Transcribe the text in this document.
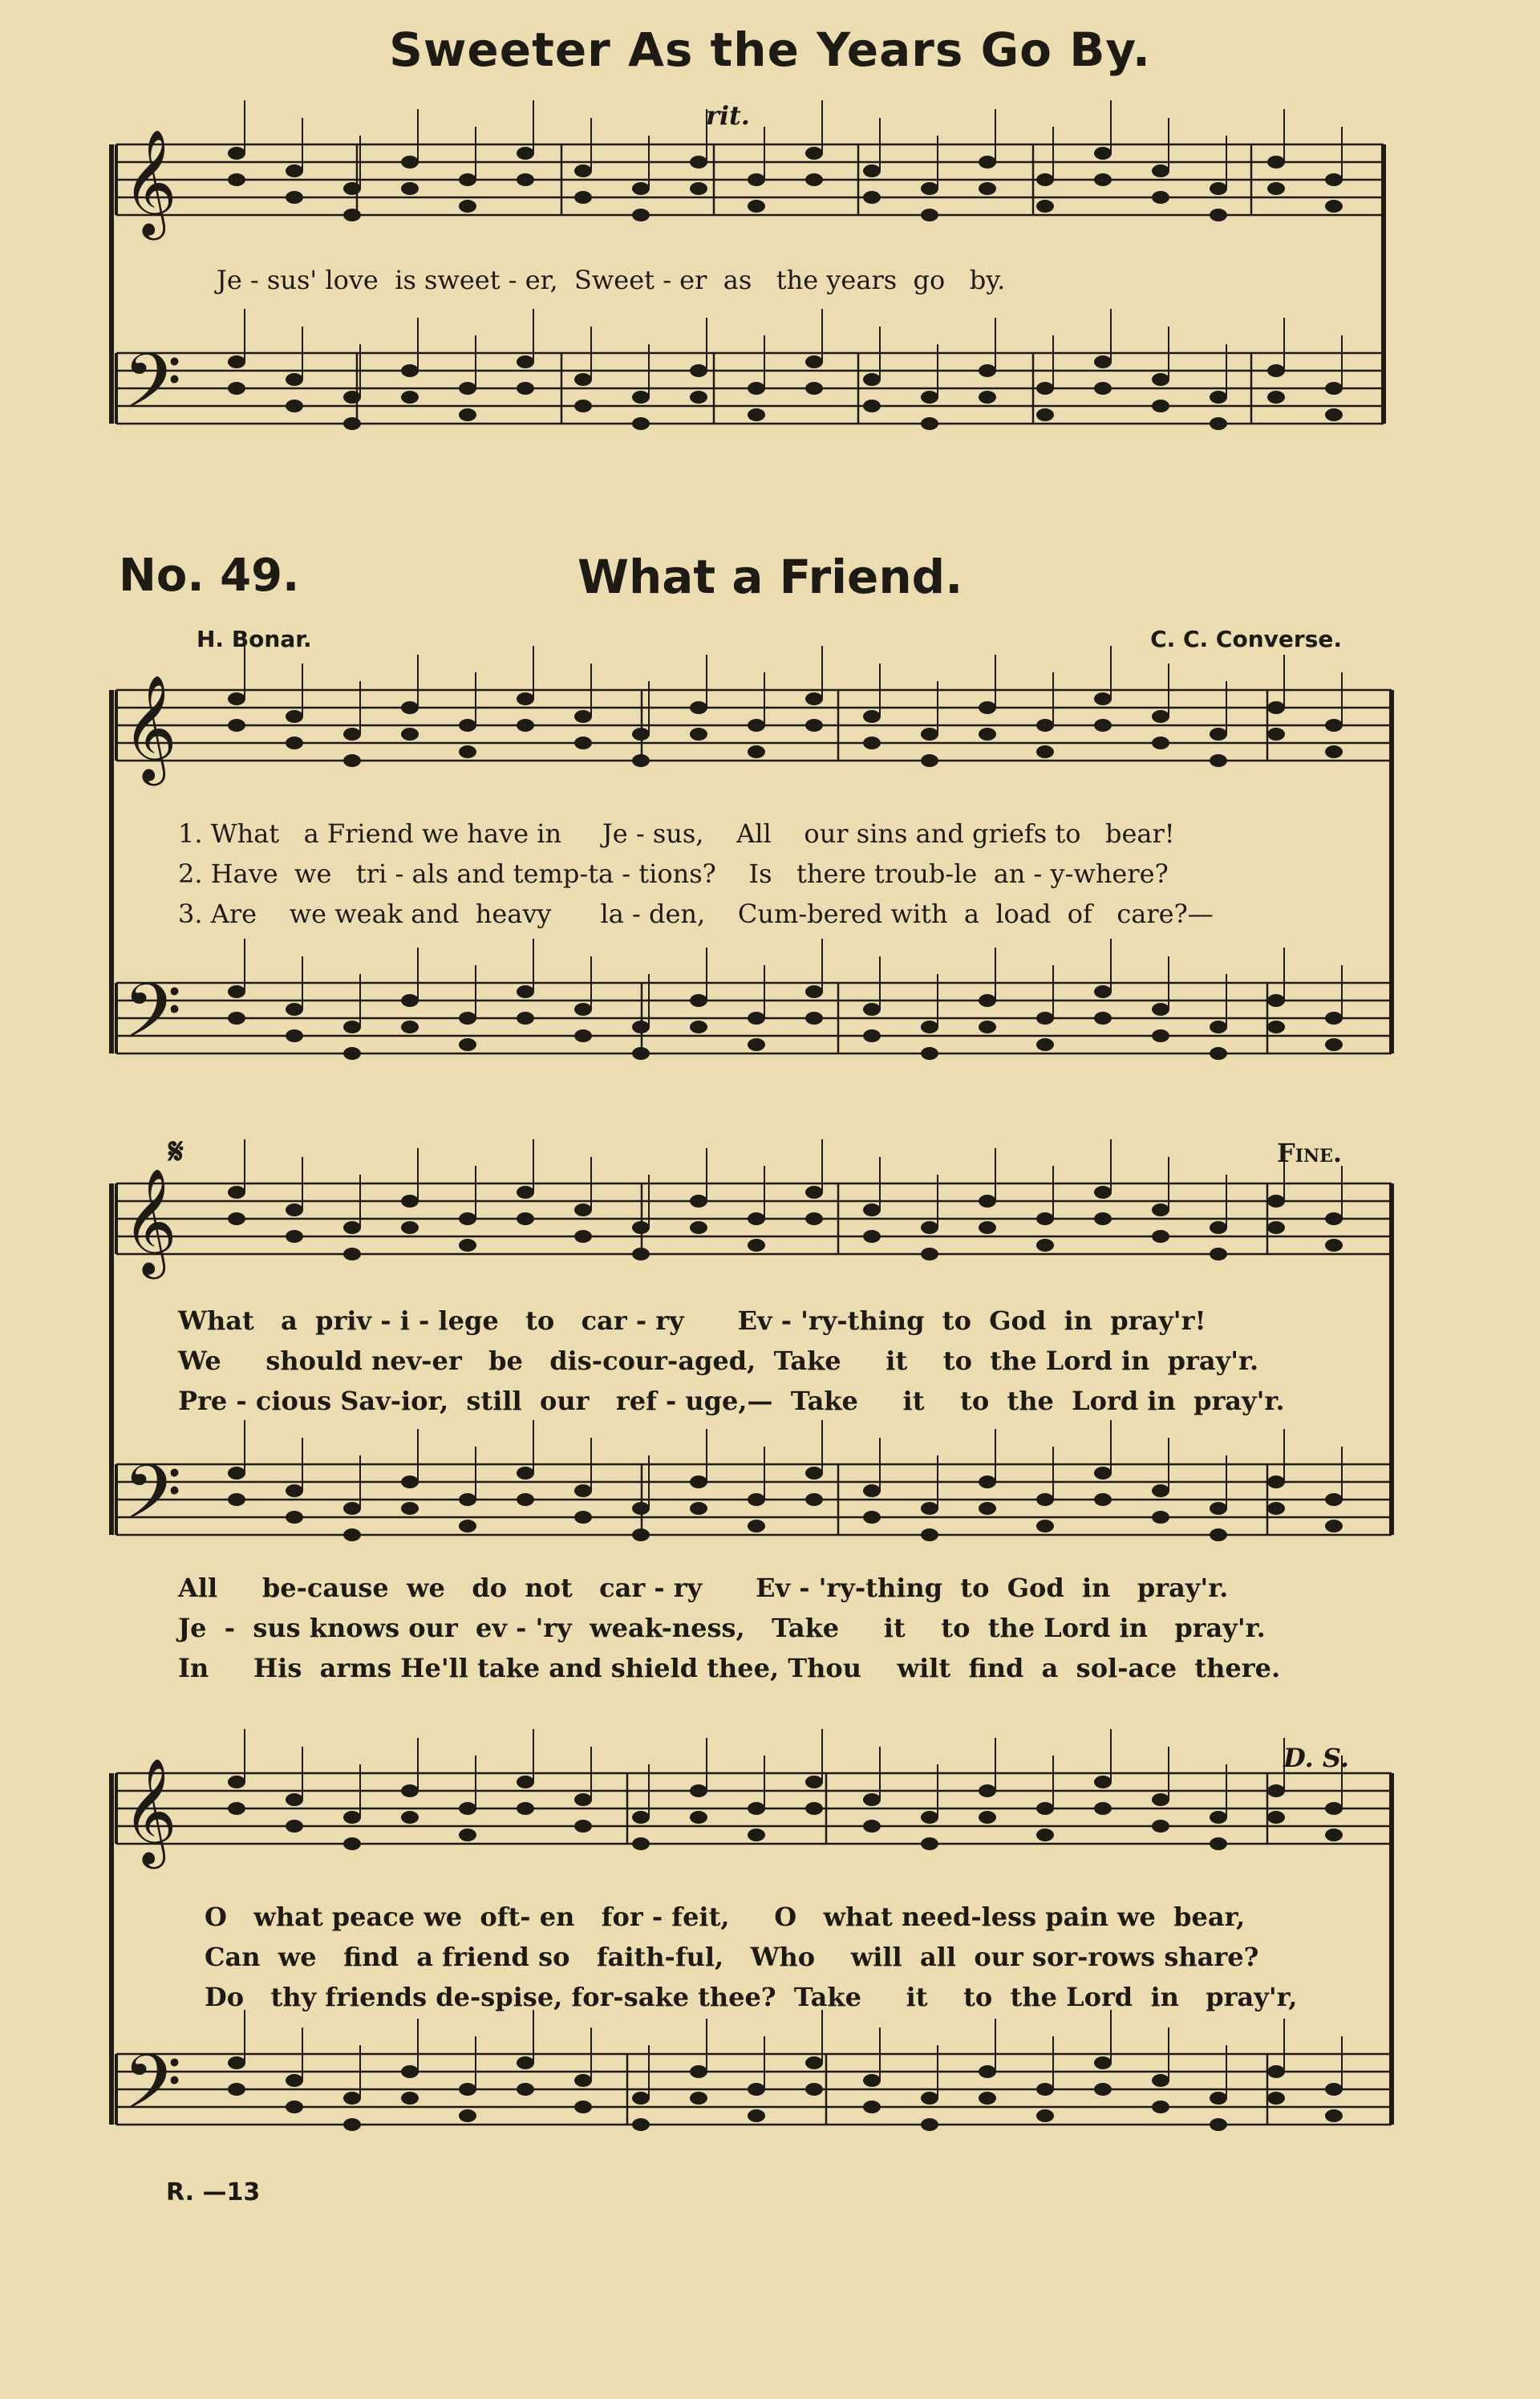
𝄞
𝄢
𝄞
𝄢
𝄞
𝄢
𝄞
𝄢
Sweeter As the Years Go By.
rit.
Je - sus' love  is sweet - er,  Sweet - er  as   the years  go   by.
No. 49.	What a Friend.
H. Bonar.	C. C. Converse.
1. What   a Friend we have in     Je - sus,    All    our sins and griefs to   bear!
2. Have  we   tri - als and temp-ta - tions?    Is   there troub-le  an - y-where?
3. Are    we weak and  heavy      la - den,    Cum-bered with  a  load  of   care?—
𝄋	Fine.
What   a  priv - i - lege   to   car - ry      Ev - 'ry-thing  to  God  in  pray'r!
We     should nev-er   be   dis-cour-aged,  Take     it    to  the Lord in  pray'r.
Pre - cious Sav-ior,  still  our   ref - uge,—  Take     it    to  the  Lord in  pray'r.
All     be-cause  we   do  not   car - ry      Ev - 'ry-thing  to  God  in   pray'r.
Je  -  sus knows our  ev - 'ry  weak-ness,   Take     it    to  the Lord in   pray'r.
In     His  arms He'll take and shield thee, Thou    wilt  find  a  sol-ace  there.
D. S.
O   what peace we  oft- en   for - feit,     O   what need-less pain we  bear,
Can  we   find  a friend so   faith-ful,   Who    will  all  our sor-rows share?
Do   thy friends de-spise, for-sake thee?  Take     it    to  the Lord  in   pray'r,
R. —13
